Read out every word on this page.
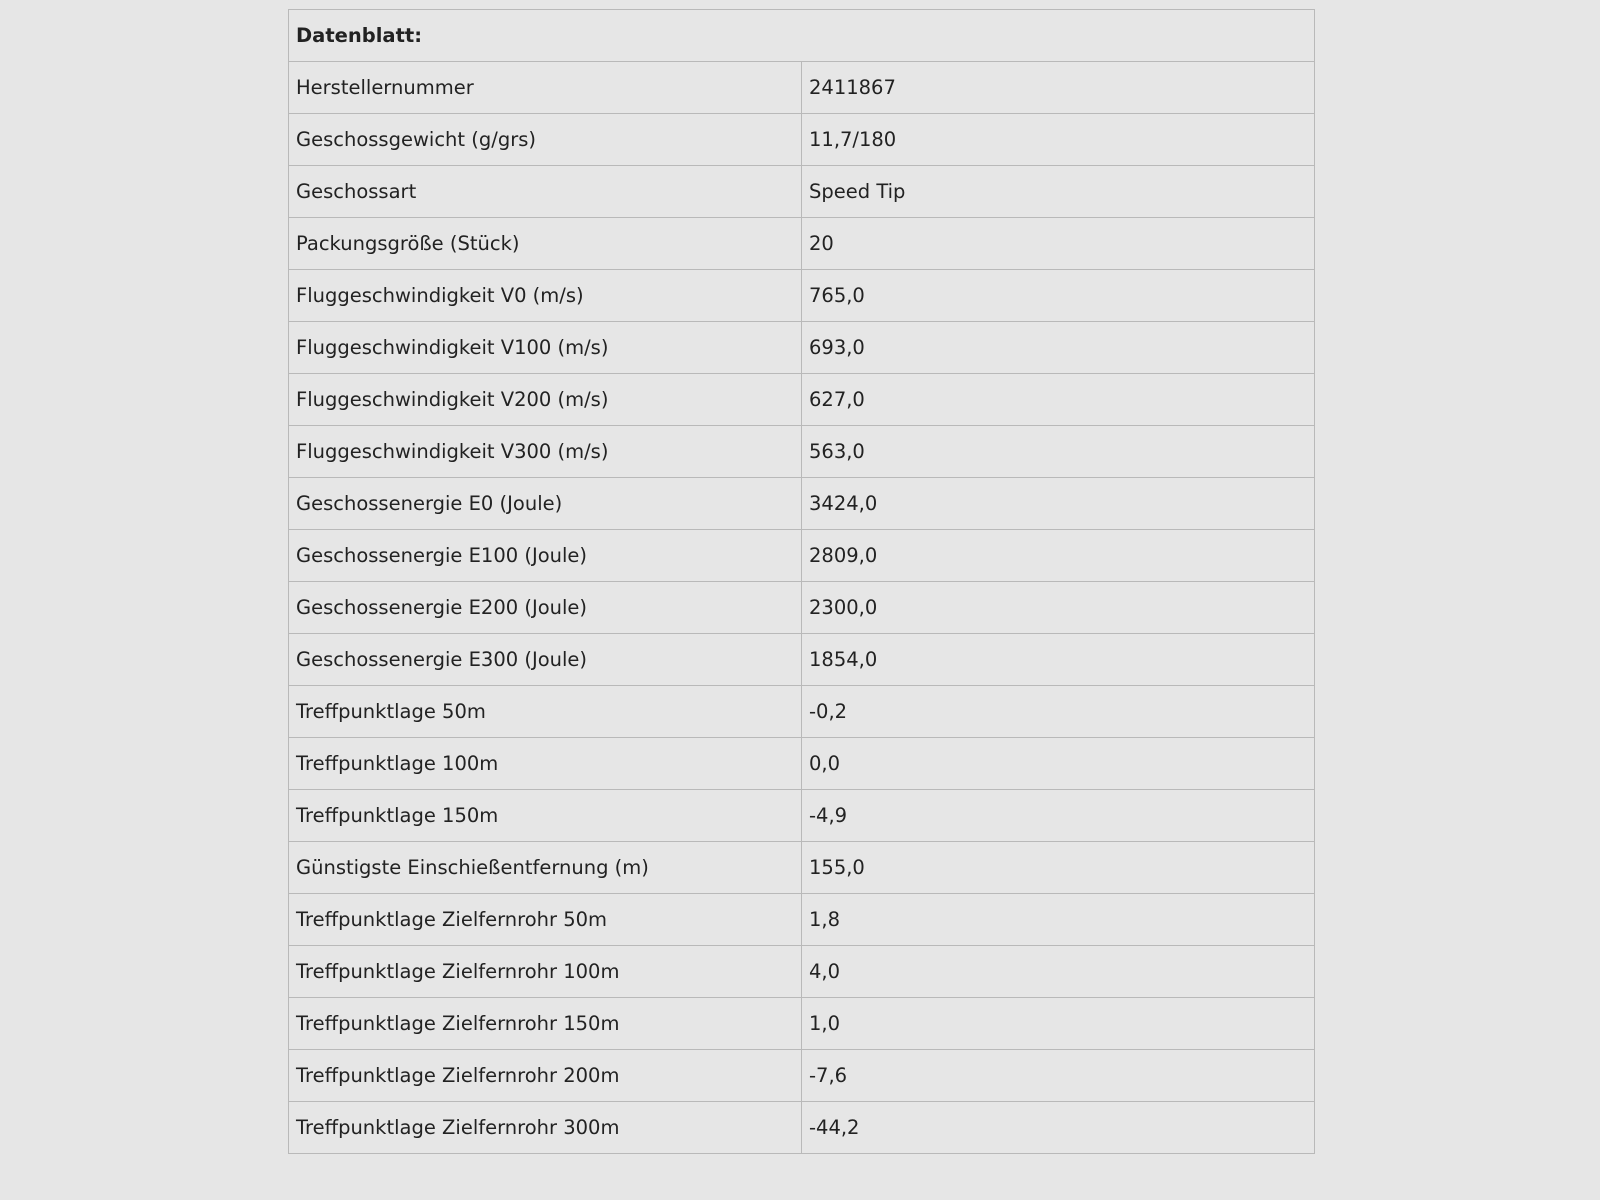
Datenblatt:	
Herstellernummer	2411867
Geschossgewicht (g/grs)	11,7/180
Geschossart	Speed Tip
Packungsgröße (Stück)	20
Fluggeschwindigkeit V0 (m/s)	765,0
Fluggeschwindigkeit V100 (m/s)	693,0
Fluggeschwindigkeit V200 (m/s)	627,0
Fluggeschwindigkeit V300 (m/s)	563,0
Geschossenergie E0 (Joule)	3424,0
Geschossenergie E100 (Joule)	2809,0
Geschossenergie E200 (Joule)	2300,0
Geschossenergie E300 (Joule)	1854,0
Treffpunktlage 50m	-0,2
Treffpunktlage 100m	0,0
Treffpunktlage 150m	-4,9
Günstigste Einschießentfernung (m)	155,0
Treffpunktlage Zielfernrohr 50m	1,8
Treffpunktlage Zielfernrohr 100m	4,0
Treffpunktlage Zielfernrohr 150m	1,0
Treffpunktlage Zielfernrohr 200m	-7,6
Treffpunktlage Zielfernrohr 300m	-44,2
